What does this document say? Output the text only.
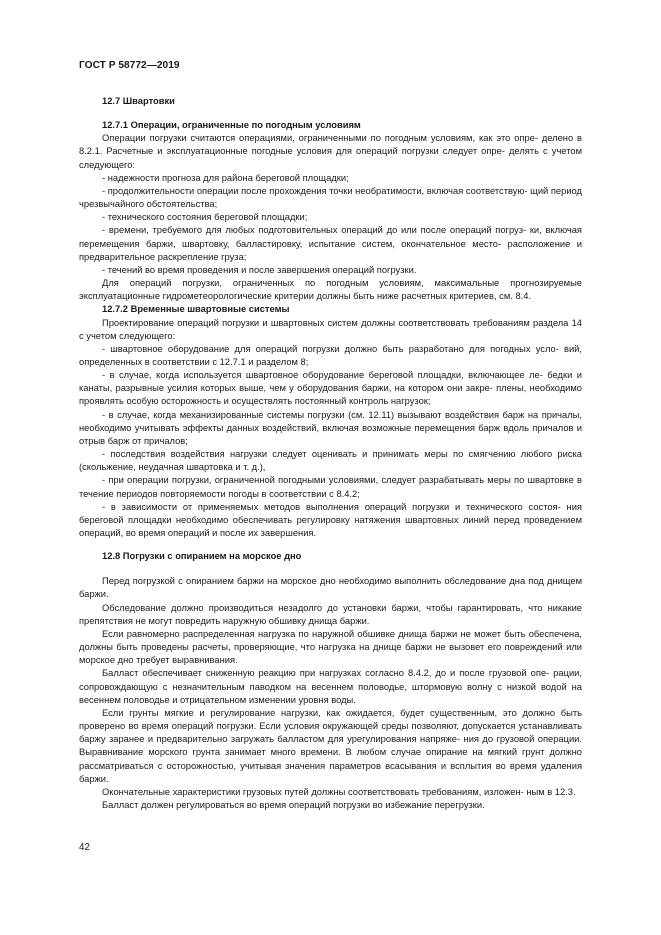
ГОСТ Р 58772—2019
12.7 Швартовки
12.7.1 Операции, ограниченные по погодным условиям

Операции погрузки считаются операциями, ограниченными по погодным условиям, как это опре- делено в 8.2.1. Расчетные и эксплуатационные погодные условия для операций погрузки следует опре- делять с учетом следующего:

- надежности прогноза для района береговой площадки;

- продолжительности операции после прохождения точки необратимости, включая соответствую- щий период чрезвычайного обстоятельства;

- технического состояния береговой площадки;

- времени, требуемого для любых подготовительных операций до или после операций погруз- ки, включая перемещения баржи, швартовку, балластировку, испытание систем, окончательное место- расположение и предварительное раскрепление груза;

- течений во время проведения и после завершения операций погрузки.

Для операций погрузки, ограниченных по погодным условиям, максимальные прогнозируемые эксплуатационные гидрометеорологические критерии должны быть ниже расчетных критериев, см. 8.4.

12.7.2 Временные швартовные системы

Проектирование операций погрузки и швартовных систем должны соответствовать требованиям раздела 14 с учетом следующего:

- швартовное оборудование для операций погрузки должно быть разработано для погодных усло- вий, определенных в соответствии с 12.7.1 и разделом 8;

- в случае, когда используется швартовное оборудование береговой площадки, включающее ле- бедки и канаты, разрывные усилия которых выше, чем у оборудования баржи, на котором они закре- плены, необходимо проявлять особую осторожность и осуществлять постоянный контроль нагрузок;

- в случае, когда механизированные системы погрузки (см. 12.11) вызывают воздействия барж на причалы, необходимо учитывать эффекты данных воздействий, включая возможные перемещения барж вдоль причалов и отрыв барж от причалов;

- последствия воздействия нагрузки следует оценивать и принимать меры по смягчению любого риска (скольжение, неудачная швартовка и т. д.),

- при операции погрузки, ограниченной погодными условиями, следует разрабатывать меры по швартовке в течение периодов повторяемости погоды в соответствии с 8.4.2;

- в зависимости от применяемых методов выполнения операций погрузки и технического состоя- ния береговой площадки необходимо обеспечивать регулировку натяжения швартовных линий перед проведением операций, во время операций и после их завершения.

12.8 Погрузки с опиранием на морское дно

Перед погрузкой с опиранием баржи на морское дно необходимо выполнить обследование дна под днищем баржи.

Обследование должно производиться незадолго до установки баржи, чтобы гарантировать, что никакие препятствия не могут повредить наружную обшивку днища баржи.

Если равномерно распределенная нагрузка по наружной обшивке днища баржи не может быть обеспечена, должны быть проведены расчеты, проверяющие, что нагрузка на днище баржи не вызовет его повреждений или морское дно требует выравнивания.

Балласт обеспечивает сниженную реакцию при нагрузках согласно 8.4.2, до и после грузовой опе- рации, сопровождающую с незначительным паводком на весеннем половодье, штормовую волну с низкой водой на весеннем половодье и отрицательном изменении уровня воды.

Если грунты мягкие и регулирование нагрузки, как ожидается, будет существенным, это должно быть проверено во время операций погрузки. Если условия окружающей среды позволяют, допускается устанавливать баржу заранее и предварительно загружать балластом для урегулирования напряже- ния до грузовой операции. Выравнивание морского грунта занимает много времени. В любом случае опирание на мягкий грунт должно рассматриваться с осторожностью, учитывая значения параметров всасывания и всплытия во время удаления баржи.

Окончательные характеристики грузовых путей должны соответствовать требованиям, изложен- ным в 12.3.

Балласт должен регулироваться во время операций погрузки во избежание перегрузки.

42
